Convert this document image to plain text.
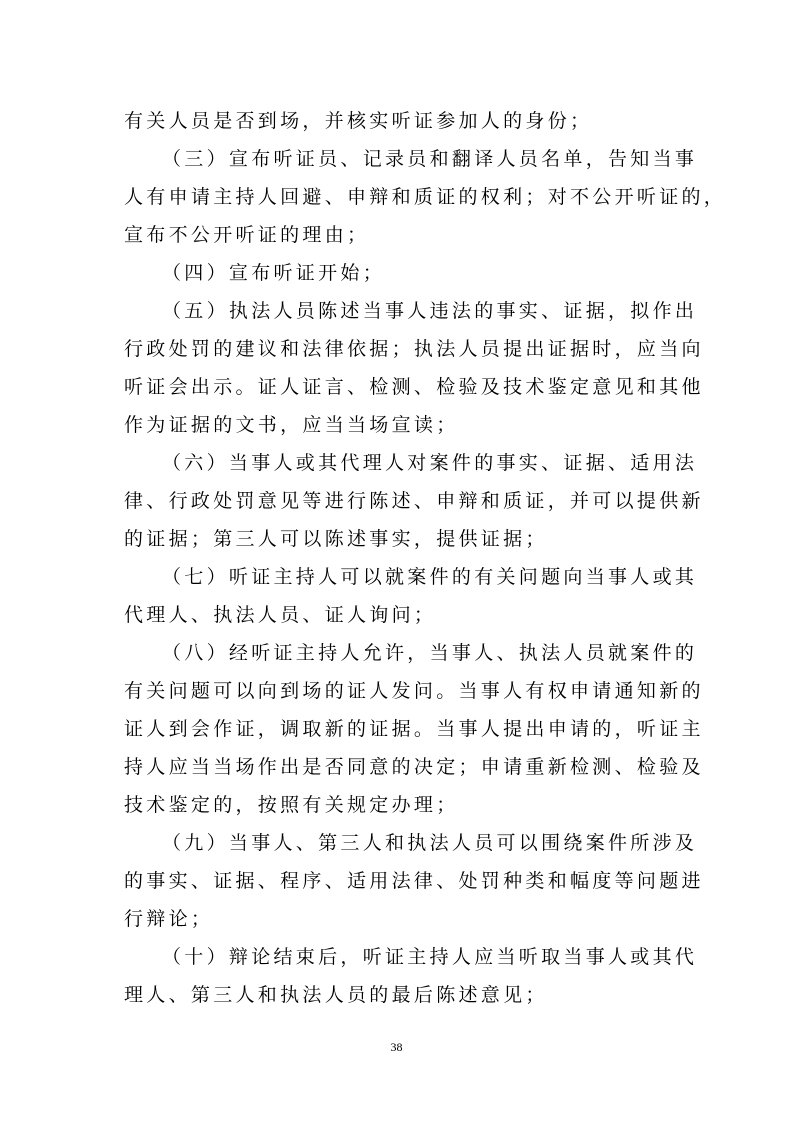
有关人员是否到场，并核实听证参加人的身份；
（三）宣布听证员、记录员和翻译人员名单，告知当事
人有申请主持人回避、申辩和质证的权利；对不公开听证的，
宣布不公开听证的理由；
（四）宣布听证开始；
（五）执法人员陈述当事人违法的事实、证据，拟作出
行政处罚的建议和法律依据；执法人员提出证据时，应当向
听证会出示。证人证言、检测、检验及技术鉴定意见和其他
作为证据的文书，应当当场宣读；
（六）当事人或其代理人对案件的事实、证据、适用法
律、行政处罚意见等进行陈述、申辩和质证，并可以提供新
的证据；第三人可以陈述事实，提供证据；
（七）听证主持人可以就案件的有关问题向当事人或其
代理人、执法人员、证人询问；
（八）经听证主持人允许，当事人、执法人员就案件的
有关问题可以向到场的证人发问。当事人有权申请通知新的
证人到会作证，调取新的证据。当事人提出申请的，听证主
持人应当当场作出是否同意的决定；申请重新检测、检验及
技术鉴定的，按照有关规定办理；
（九）当事人、第三人和执法人员可以围绕案件所涉及
的事实、证据、程序、适用法律、处罚种类和幅度等问题进
行辩论；
（十）辩论结束后，听证主持人应当听取当事人或其代
理人、第三人和执法人员的最后陈述意见；
38
